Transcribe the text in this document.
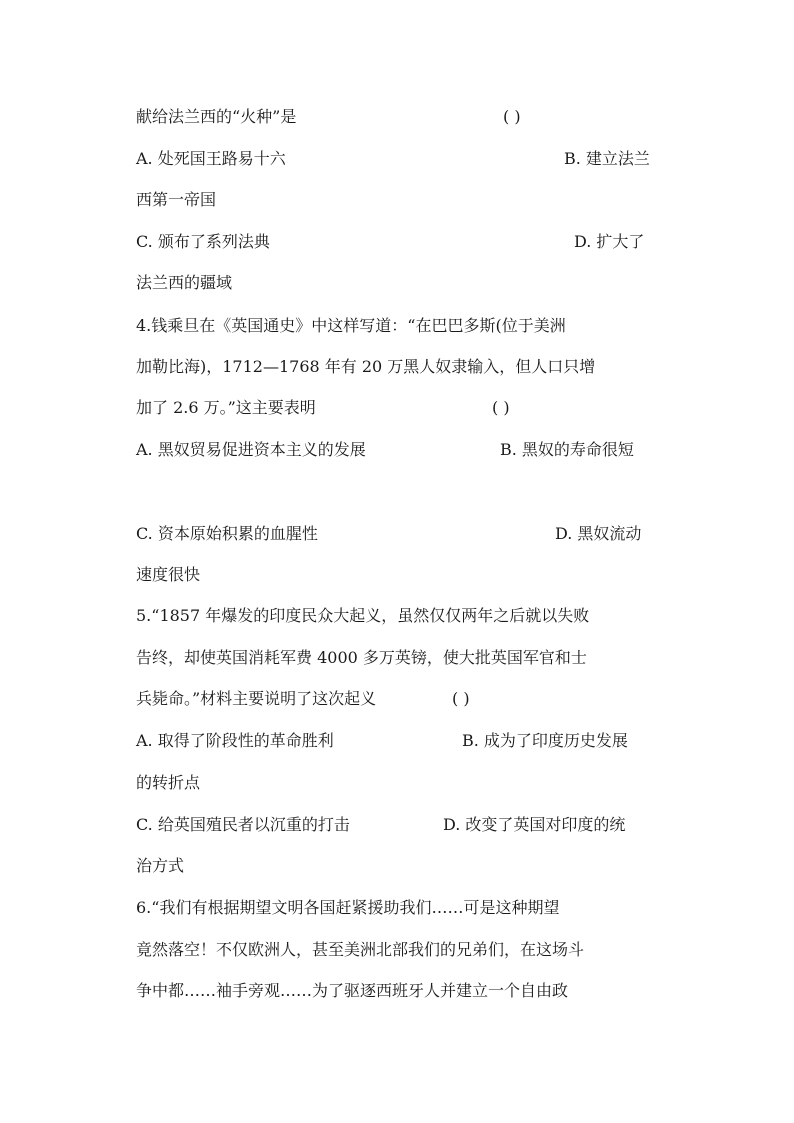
献给法兰西的“火种”是	( )
A. 处死国王路易十六	B. 建立法兰
西第一帝国
C. 颁布了系列法典	D. 扩大了
法兰西的疆域
4.钱乘旦在《英国通史》中这样写道：“在巴巴多斯(位于美洲
加勒比海)，1712—1768 年有 20 万黑人奴隶输入，但人口只增
加了 2.6 万。”这主要表明	( )
A. 黑奴贸易促进资本主义的发展	B. 黑奴的寿命很短
C. 资本原始积累的血腥性	D. 黑奴流动
速度很快
5.“1857 年爆发的印度民众大起义，虽然仅仅两年之后就以失败
告终，却使英国消耗军费 4000 多万英镑，使大批英国军官和士
兵毙命。”材料主要说明了这次起义	( )
A. 取得了阶段性的革命胜利	B. 成为了印度历史发展
的转折点
C. 给英国殖民者以沉重的打击	D. 改变了英国对印度的统
治方式
6.“我们有根据期望文明各国赶紧援助我们……可是这种期望
竟然落空！不仅欧洲人，甚至美洲北部我们的兄弟们，在这场斗
争中都……袖手旁观……为了驱逐西班牙人并建立一个自由政
